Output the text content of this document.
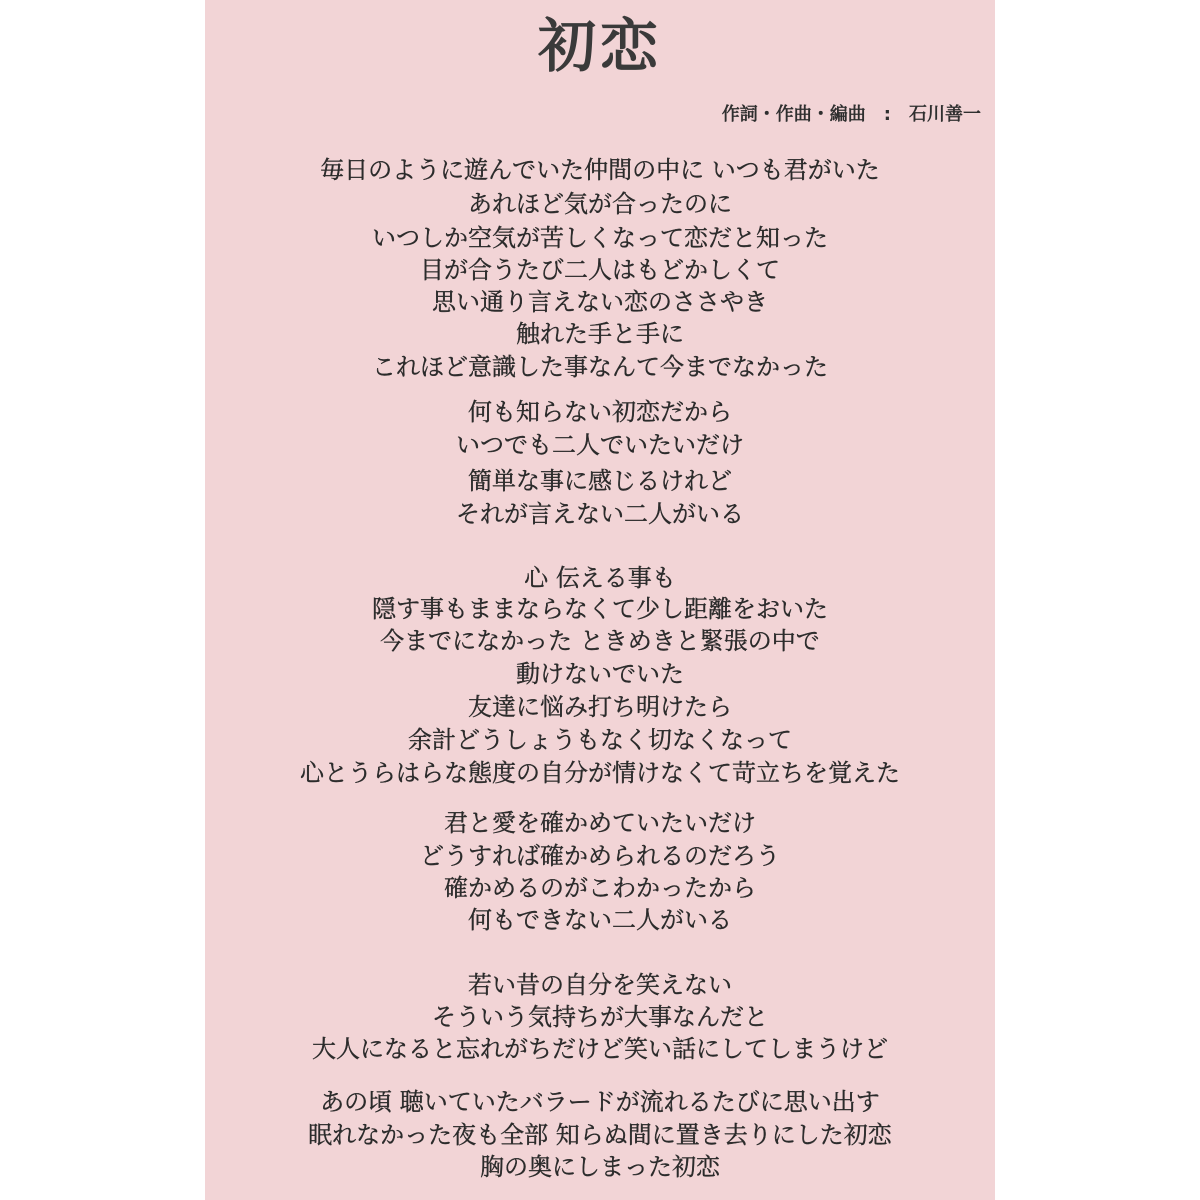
初恋
作詞・作曲・編曲　:　石川善一
毎日のように遊んでいた仲間の中に いつも君がいた
あれほど気が合ったのに
いつしか空気が苦しくなって恋だと知った
目が合うたび二人はもどかしくて
思い通り言えない恋のささやき
触れた手と手に
これほど意識した事なんて今までなかった
何も知らない初恋だから
いつでも二人でいたいだけ
簡単な事に感じるけれど
それが言えない二人がいる
心 伝える事も
隠す事もままならなくて少し距離をおいた
今までになかった ときめきと緊張の中で
動けないでいた
友達に悩み打ち明けたら
余計どうしょうもなく切なくなって
心とうらはらな態度の自分が情けなくて苛立ちを覚えた
君と愛を確かめていたいだけ
どうすれば確かめられるのだろう
確かめるのがこわかったから
何もできない二人がいる
若い昔の自分を笑えない
そういう気持ちが大事なんだと
大人になると忘れがちだけど笑い話にしてしまうけど
あの頃 聴いていたバラードが流れるたびに思い出す
眠れなかった夜も全部 知らぬ間に置き去りにした初恋
胸の奥にしまった初恋
